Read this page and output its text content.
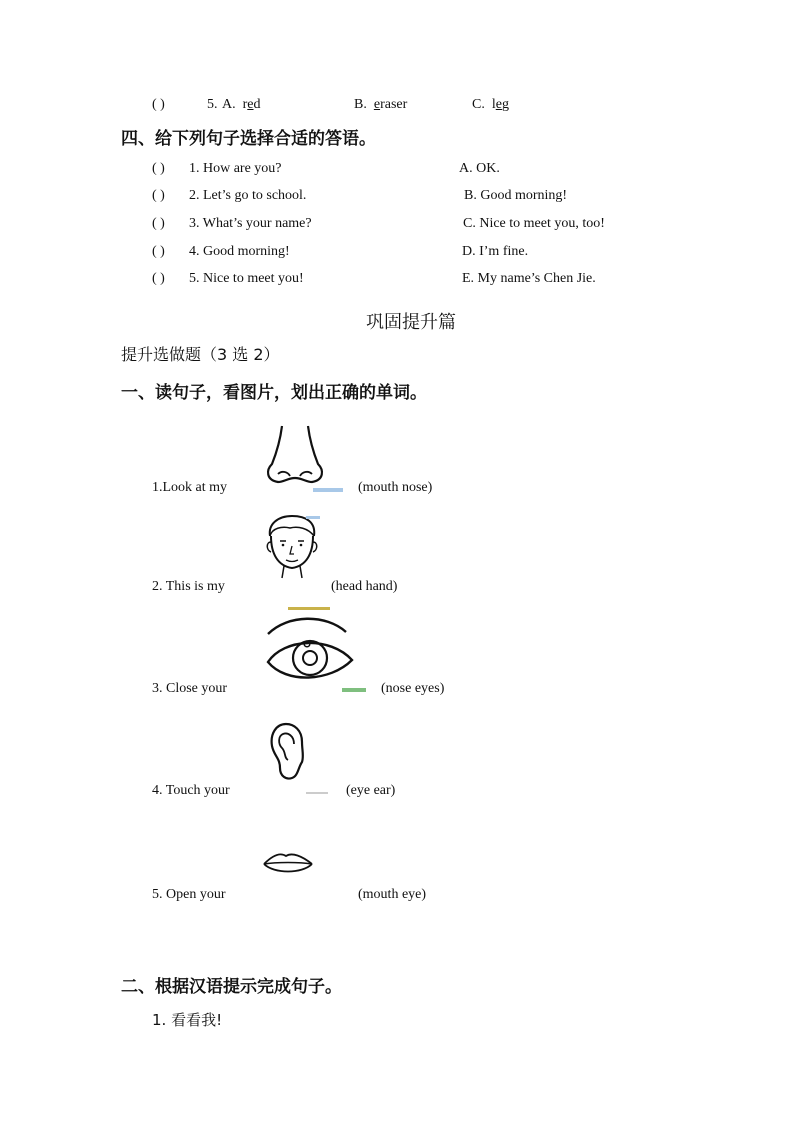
( )	5. A. red	B. eraser	C. leg
四、给下列句子选择合适的答语。
( ) 1. How are you?	A. OK.
( ) 2. Let’s go to school.	B. Good morning!
( ) 3. What’s your name?	C. Nice to meet you, too!
( ) 4. Good morning!	D. I’m fine.
( ) 5. Nice to meet you!	E. My name’s Chen Jie.
巩固提升篇
提升选做题（3 选 2）
一、读句子，看图片，划出正确的单词。
1.Look at my	(mouth nose)
2. This is my	(head hand)
3. Close your	(nose eyes)
4. Touch your	(eye ear)
5. Open your	(mouth eye)
二、根据汉语提示完成句子。
1. 看看我!
